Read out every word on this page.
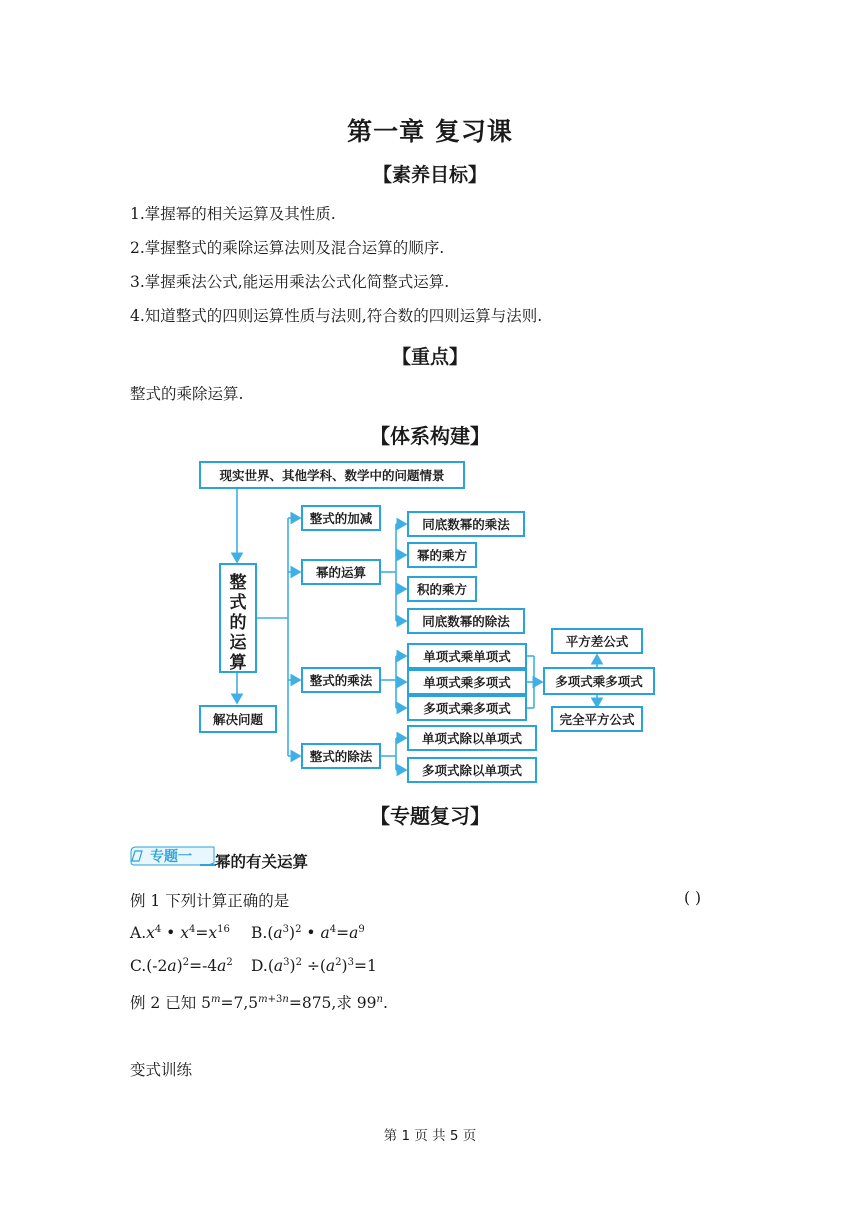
第一章 复习课
【素养目标】
1.掌握幂的相关运算及其性质.
2.掌握整式的乘除运算法则及混合运算的顺序.
3.掌握乘法公式,能运用乘法公式化简整式运算.
4.知道整式的四则运算性质与法则,符合数的四则运算与法则.
【重点】
整式的乘除运算.
【体系构建】
现实世界、其他学科、数学中的问题情景
整
式
的
运
算
解决问题
整式的加减
幂的运算
整式的乘法
整式的除法
同底数幂的乘法
幂的乘方
积的乘方
同底数幂的除法
单项式乘单项式
单项式乘多项式
多项式乘多项式
多项式乘多项式
平方差公式
完全平方公式
单项式除以单项式
多项式除以单项式
【专题复习】
专题一 幂的有关运算
例 1 下列计算正确的是	( )
$A.x^4$ • $x^4=x^{16}$ $B.(a^3)^2$ • $a^4=a^9$
$C.(-2a)^2=-4a^2$ $D.(a^3)^2 \div(a^2)^3=1$
例 2 已知 $5^m=7,5^{m+3n}=875$,求 99$^n$.
变式训练
第 1 页 共 5 页
